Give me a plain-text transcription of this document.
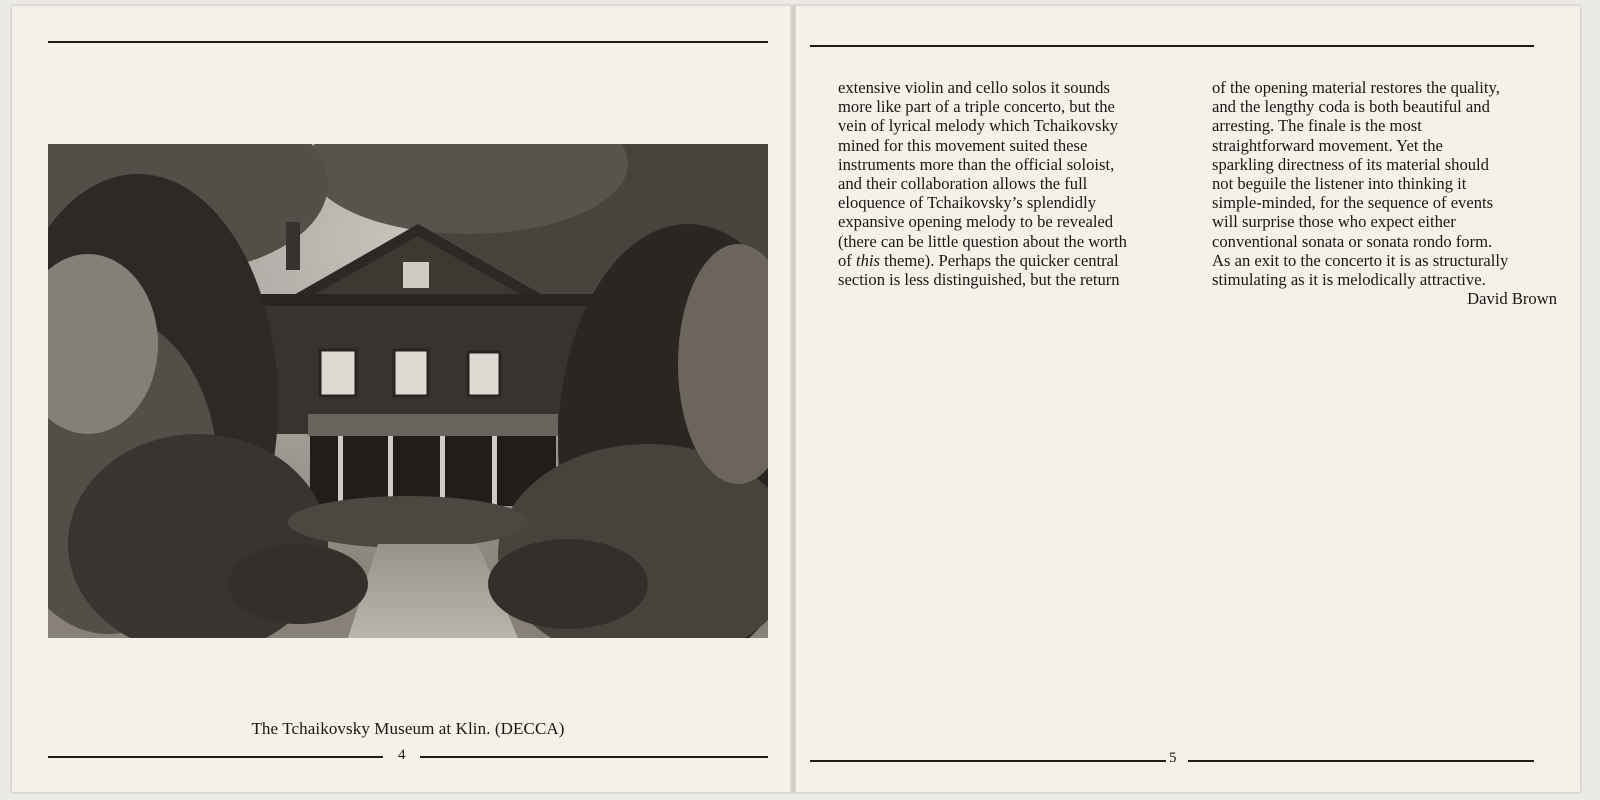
The Tchaikovsky Museum at Klin. (DECCA)
4
extensive violin and cello solos it sounds
more like part of a triple concerto, but the
vein of lyrical melody which Tchaikovsky
mined for this movement suited these
instruments more than the official soloist,
and their collaboration allows the full
eloquence of Tchaikovsky’s splendidly
expansive opening melody to be revealed
(there can be little question about the worth
of this theme). Perhaps the quicker central
section is less distinguished, but the return
of the opening material restores the quality,
and the lengthy coda is both beautiful and
arresting. The finale is the most
straightforward movement. Yet the
sparkling directness of its material should
not beguile the listener into thinking it
simple-minded, for the sequence of events
will surprise those who expect either
conventional sonata or sonata rondo form.
As an exit to the concerto it is as structurally
stimulating as it is melodically attractive.
David Brown
5
